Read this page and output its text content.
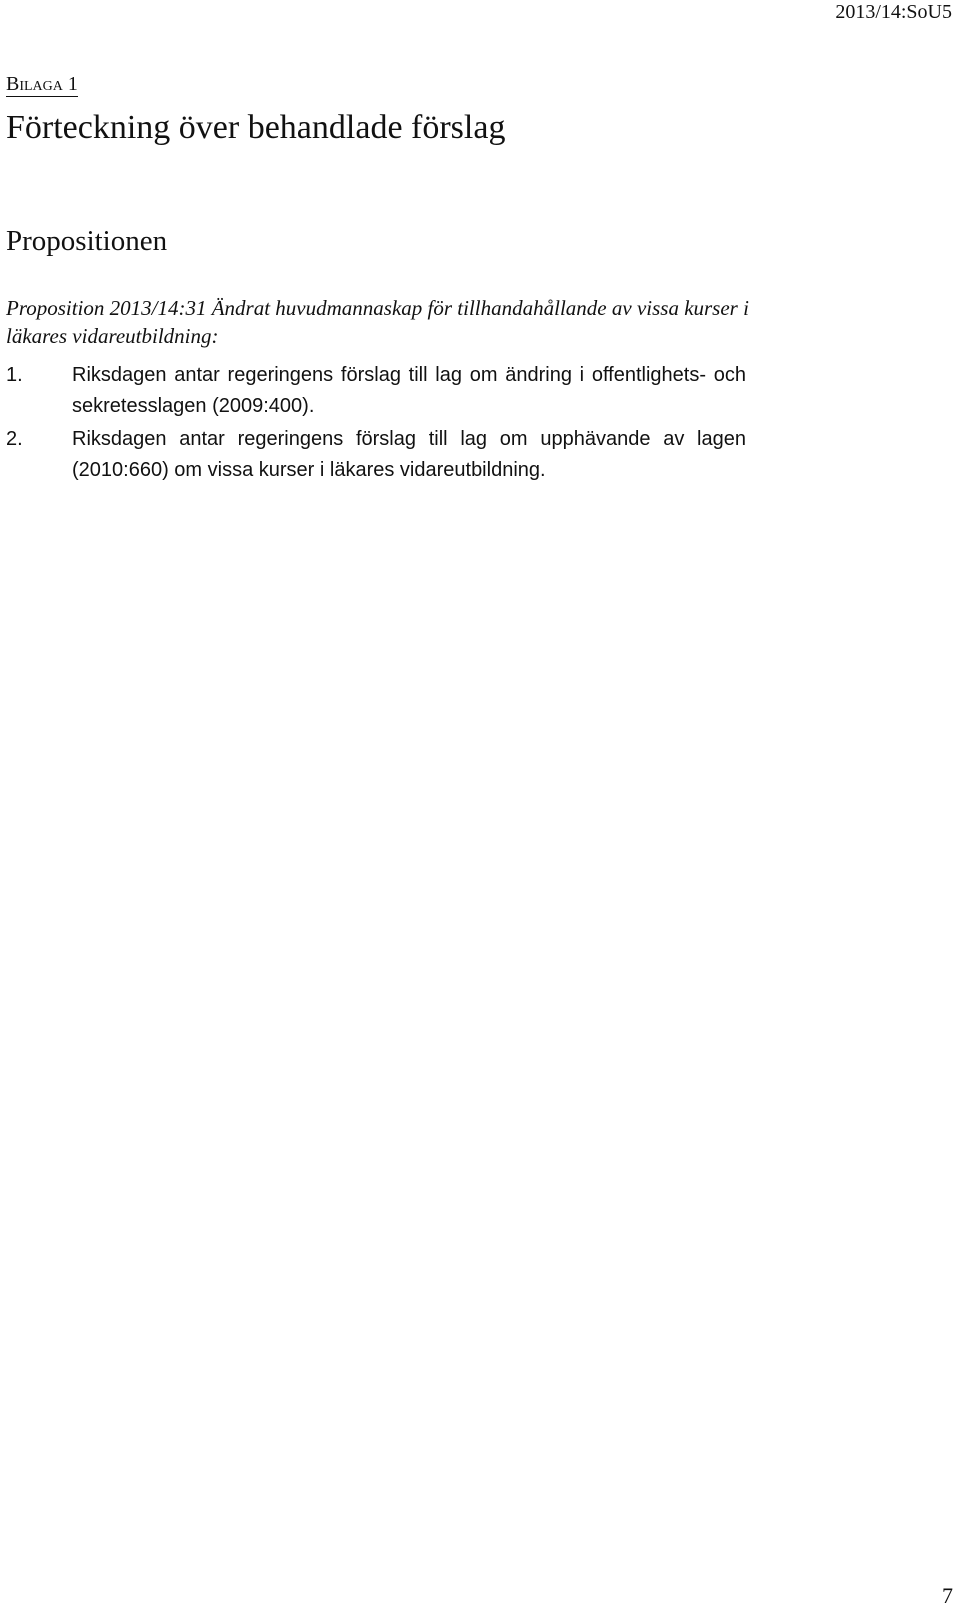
2013/14:SoU5
Bilaga 1
Förteckning över behandlade förslag
Propositionen

Proposition 2013/14:31 Ändrat huvudmannaskap för tillhandahållande av vissa kurser i läkares vidareutbildning:

1.	Riksdagen antar regeringens förslag till lag om ändring i offentlighets- och sekretesslagen (2009:400).
2.	Riksdagen antar regeringens förslag till lag om upphävande av lagen (2010:660) om vissa kurser i läkares vidareutbildning.
7
